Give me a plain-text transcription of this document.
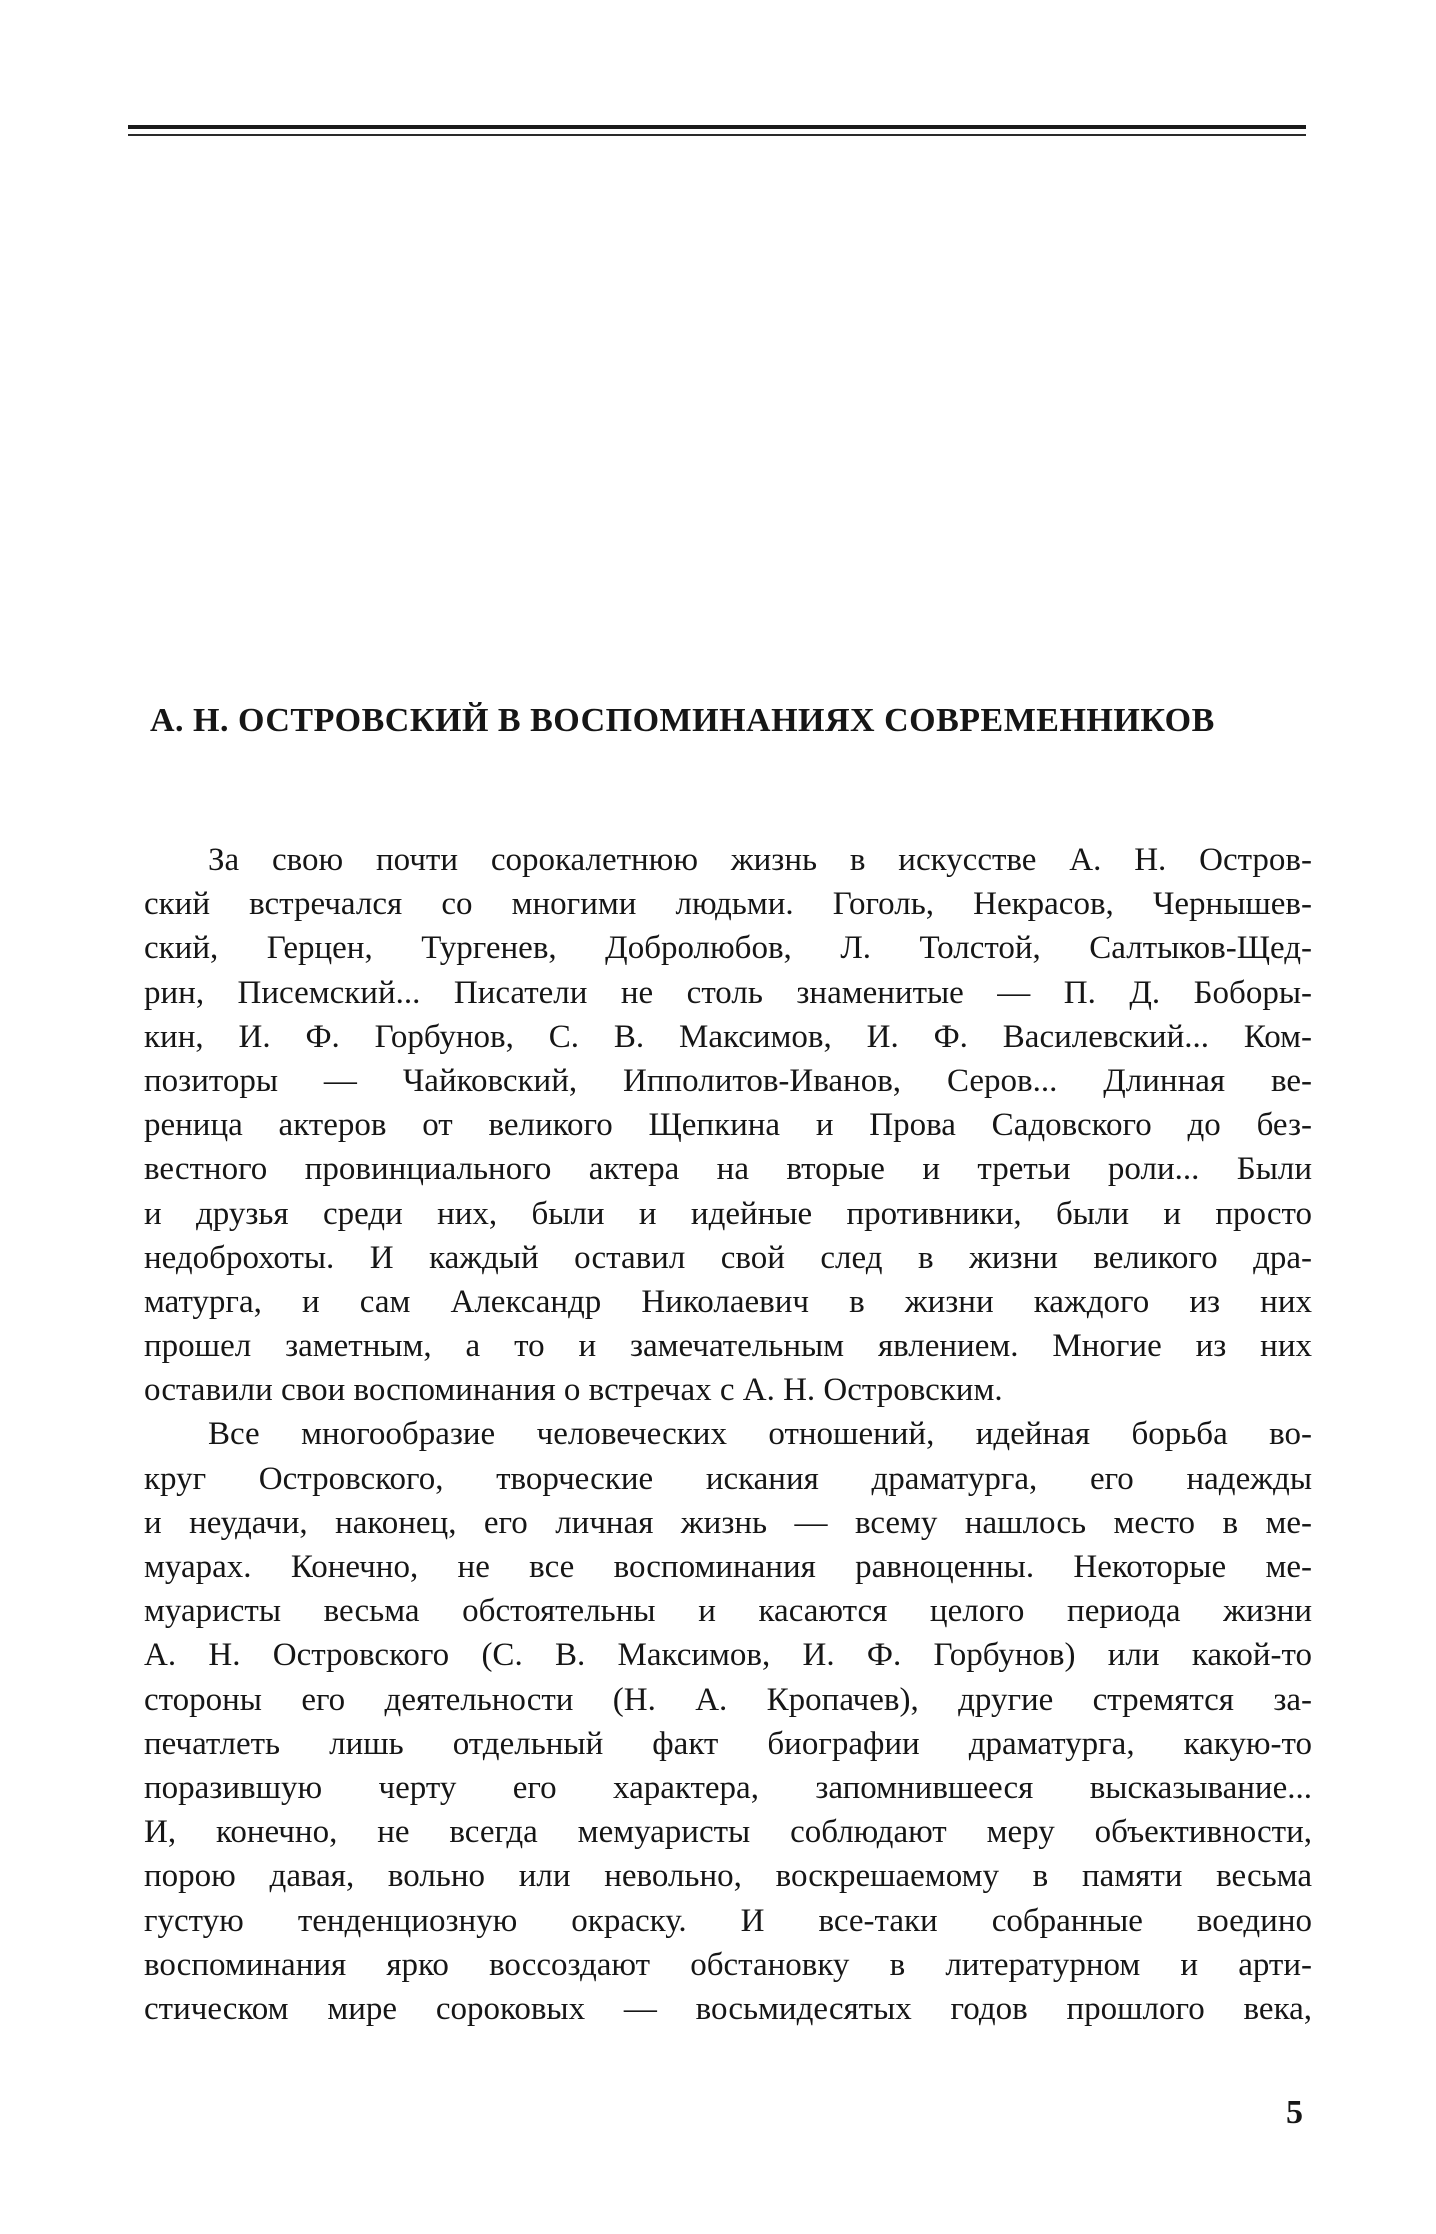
А. Н. ОСТРОВСКИЙ В ВОСПОМИНАНИЯХ СОВРЕМЕННИКОВ
За свою почти сорокалетнюю жизнь в искусстве А. Н. Остров-
ский встречался со многими людьми. Гоголь, Некрасов, Чернышев-
ский, Герцен, Тургенев, Добролюбов, Л. Толстой, Салтыков-Щед-
рин, Писемский... Писатели не столь знаменитые — П. Д. Боборы-
кин, И. Ф. Горбунов, С. В. Максимов, И. Ф. Василевский... Ком-
позиторы — Чайковский, Ипполитов-Иванов, Серов... Длинная ве-
реница актеров от великого Щепкина и Прова Садовского до без-
вестного провинциального актера на вторые и третьи роли... Были
и друзья среди них, были и идейные противники, были и просто
недоброхоты. И каждый оставил свой след в жизни великого дра-
матурга, и сам Александр Николаевич в жизни каждого из них
прошел заметным, а то и замечательным явлением. Многие из них
оставили свои воспоминания о встречах с А. Н. Островским.
Все многообразие человеческих отношений, идейная борьба во-
круг Островского, творческие искания драматурга, его надежды
и неудачи, наконец, его личная жизнь — всему нашлось место в ме-
муарах. Конечно, не все воспоминания равноценны. Некоторые ме-
муаристы весьма обстоятельны и касаются целого периода жизни
А. Н. Островского (С. В. Максимов, И. Ф. Горбунов) или какой-то
стороны его деятельности (Н. А. Кропачев), другие стремятся за-
печатлеть лишь отдельный факт биографии драматурга, какую-то
поразившую черту его характера, запомнившееся высказывание...
И, конечно, не всегда мемуаристы соблюдают меру объективности,
порою давая, вольно или невольно, воскрешаемому в памяти весьма
густую тенденциозную окраску. И все-таки собранные воедино
воспоминания ярко воссоздают обстановку в литературном и арти-
стическом мире сороковых — восьмидесятых годов прошлого века,
5
